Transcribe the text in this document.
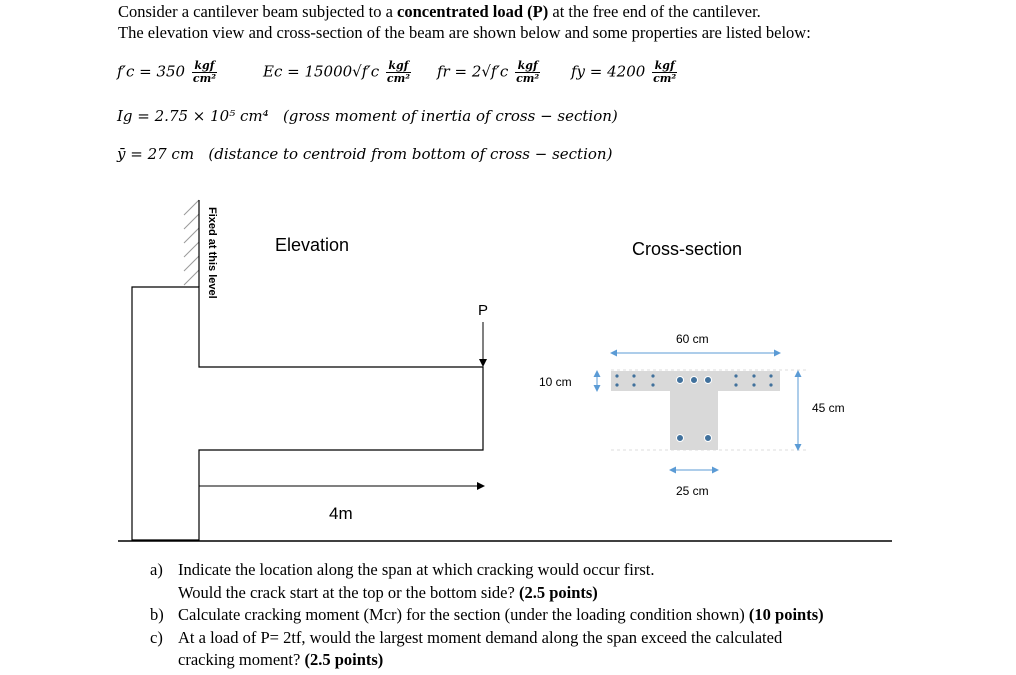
Consider a cantilever beam subjected to a concentrated load (P) at the free end of the cantilever.
The elevation view and cross-section of the beam are shown below and some properties are listed below:
$f'c = 350 \frac{\text{kgf}}{\text{cm²}}$	$Ec = 15000√f'c \frac{\text{kgf}}{\text{cm²}}$ fr = $2√f'c \frac{\text{kgf}}{\text{cm²}}$ fy = $4200 \frac{\text{kgf}}{\text{cm²}}$
Ig = 2.75 × 10⁵ cm⁴ (gross moment of inertia of cross − section)
ȳ = 27 cm (distance to centroid from bottom of cross − section)
Elevation	Cross-section
Fixed at this level
P
4m
60 cm
10 cm
45 cm
25 cm
a) Indicate the location along the span at which cracking would occur first.
Would the crack start at the top or the bottom side? (2.5 points)
b) Calculate cracking moment (Mcr) for the section (under the loading condition shown) (10 points)
c) At a load of P= 2tf, would the largest moment demand along the span exceed the calculated
cracking moment? (2.5 points)
